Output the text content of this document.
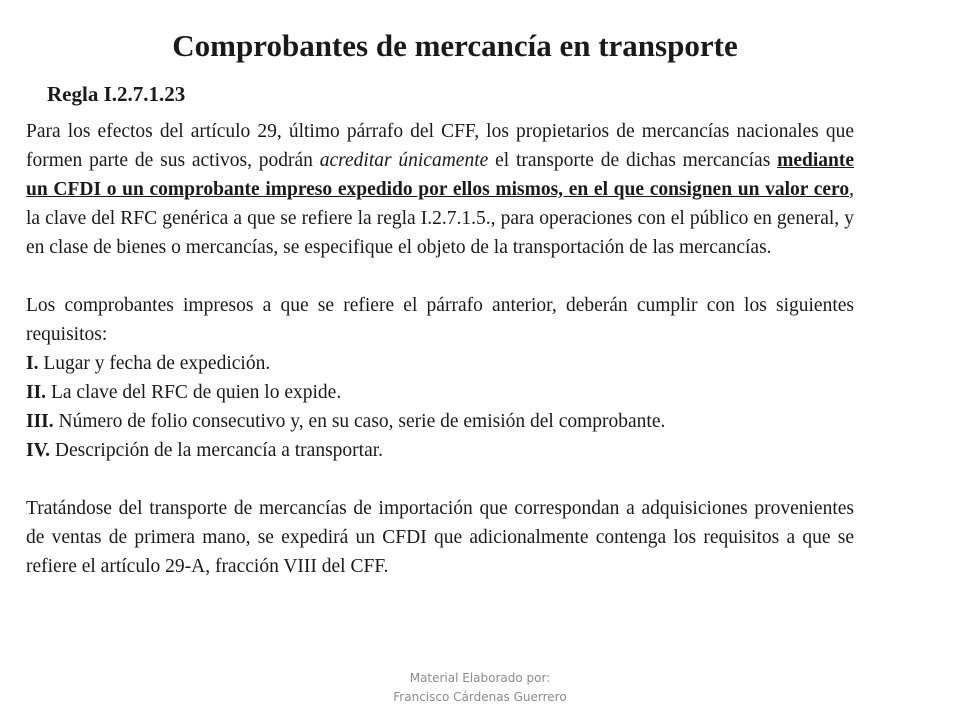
Comprobantes de mercancía en transporte
Regla I.2.7.1.23

Para los efectos del artículo 29, último párrafo del CFF, los propietarios de mercancías nacionales que formen parte de sus activos, podrán acreditar únicamente el transporte de dichas mercancías mediante un CFDI o un comprobante impreso expedido por ellos mismos, en el que consignen un valor cero, la clave del RFC genérica a que se refiere la regla I.2.7.1.5., para operaciones con el público en general, y en clase de bienes o mercancías, se especifique el objeto de la transportación de las mercancías.

Los comprobantes impresos a que se refiere el párrafo anterior, deberán cumplir con los siguientes requisitos:

I. Lugar y fecha de expedición.

II. La clave del RFC de quien lo expide.

III. Número de folio consecutivo y, en su caso, serie de emisión del comprobante.

IV. Descripción de la mercancía a transportar.

Tratándose del transporte de mercancías de importación que correspondan a adquisiciones provenientes de ventas de primera mano, se expedirá un CFDI que adicionalmente contenga los requisitos a que se refiere el artículo 29-A, fracción VIII del CFF.

Material Elaborado por:
Francisco Cárdenas Guerrero
